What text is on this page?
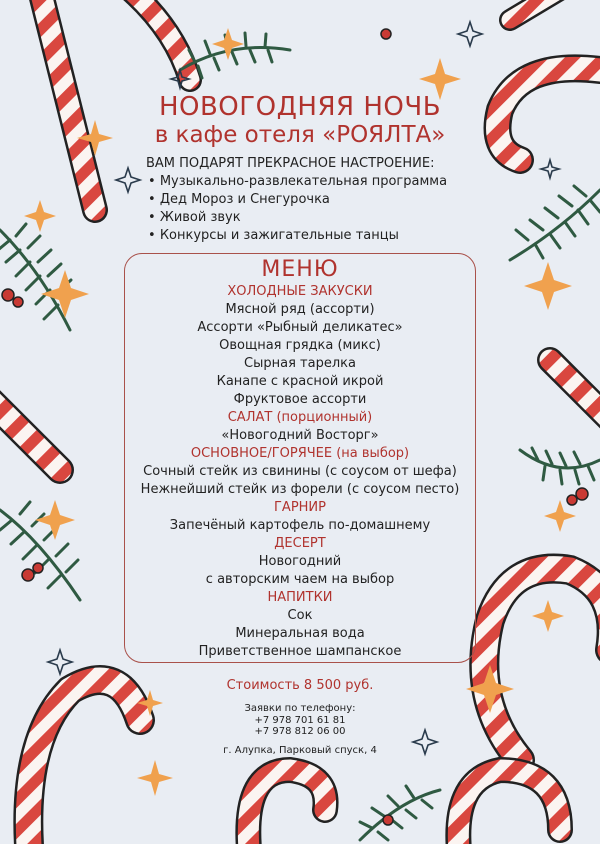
НОВОГОДНЯЯ НОЧЬ
в кафе отеля «РОЯЛТА»
ВАМ ПОДАРЯТ ПРЕКРАСНОЕ НАСТРОЕНИЕ:
• Музыкально-развлекательная программа
• Дед Мороз и Снегурочка
• Живой звук
• Конкурсы и зажигательные танцы
МЕНЮ
ХОЛОДНЫЕ ЗАКУСКИ
Мясной ряд (ассорти)
Ассорти «Рыбный деликатес»
Овощная грядка (микс)
Сырная тарелка
Канапе с красной икрой
Фруктовое ассорти
САЛАТ (порционный)
«Новогодний Восторг»
ОСНОВНОЕ/ГОРЯЧЕЕ (на выбор)
Сочный стейк из свинины (с соусом от шефа)
Нежнейший стейк из форели (с соусом песто)
ГАРНИР
Запечёный картофель по-домашнему
ДЕСЕРТ
Новогодний
с авторским чаем на выбор
НАПИТКИ
Сок
Минеральная вода
Приветственное шампанское
Стоимость 8 500 руб.
Заявки по телефону:
+7 978 701 61 81
+7 978 812 06 00
г. Алупка, Парковый спуск, 4
